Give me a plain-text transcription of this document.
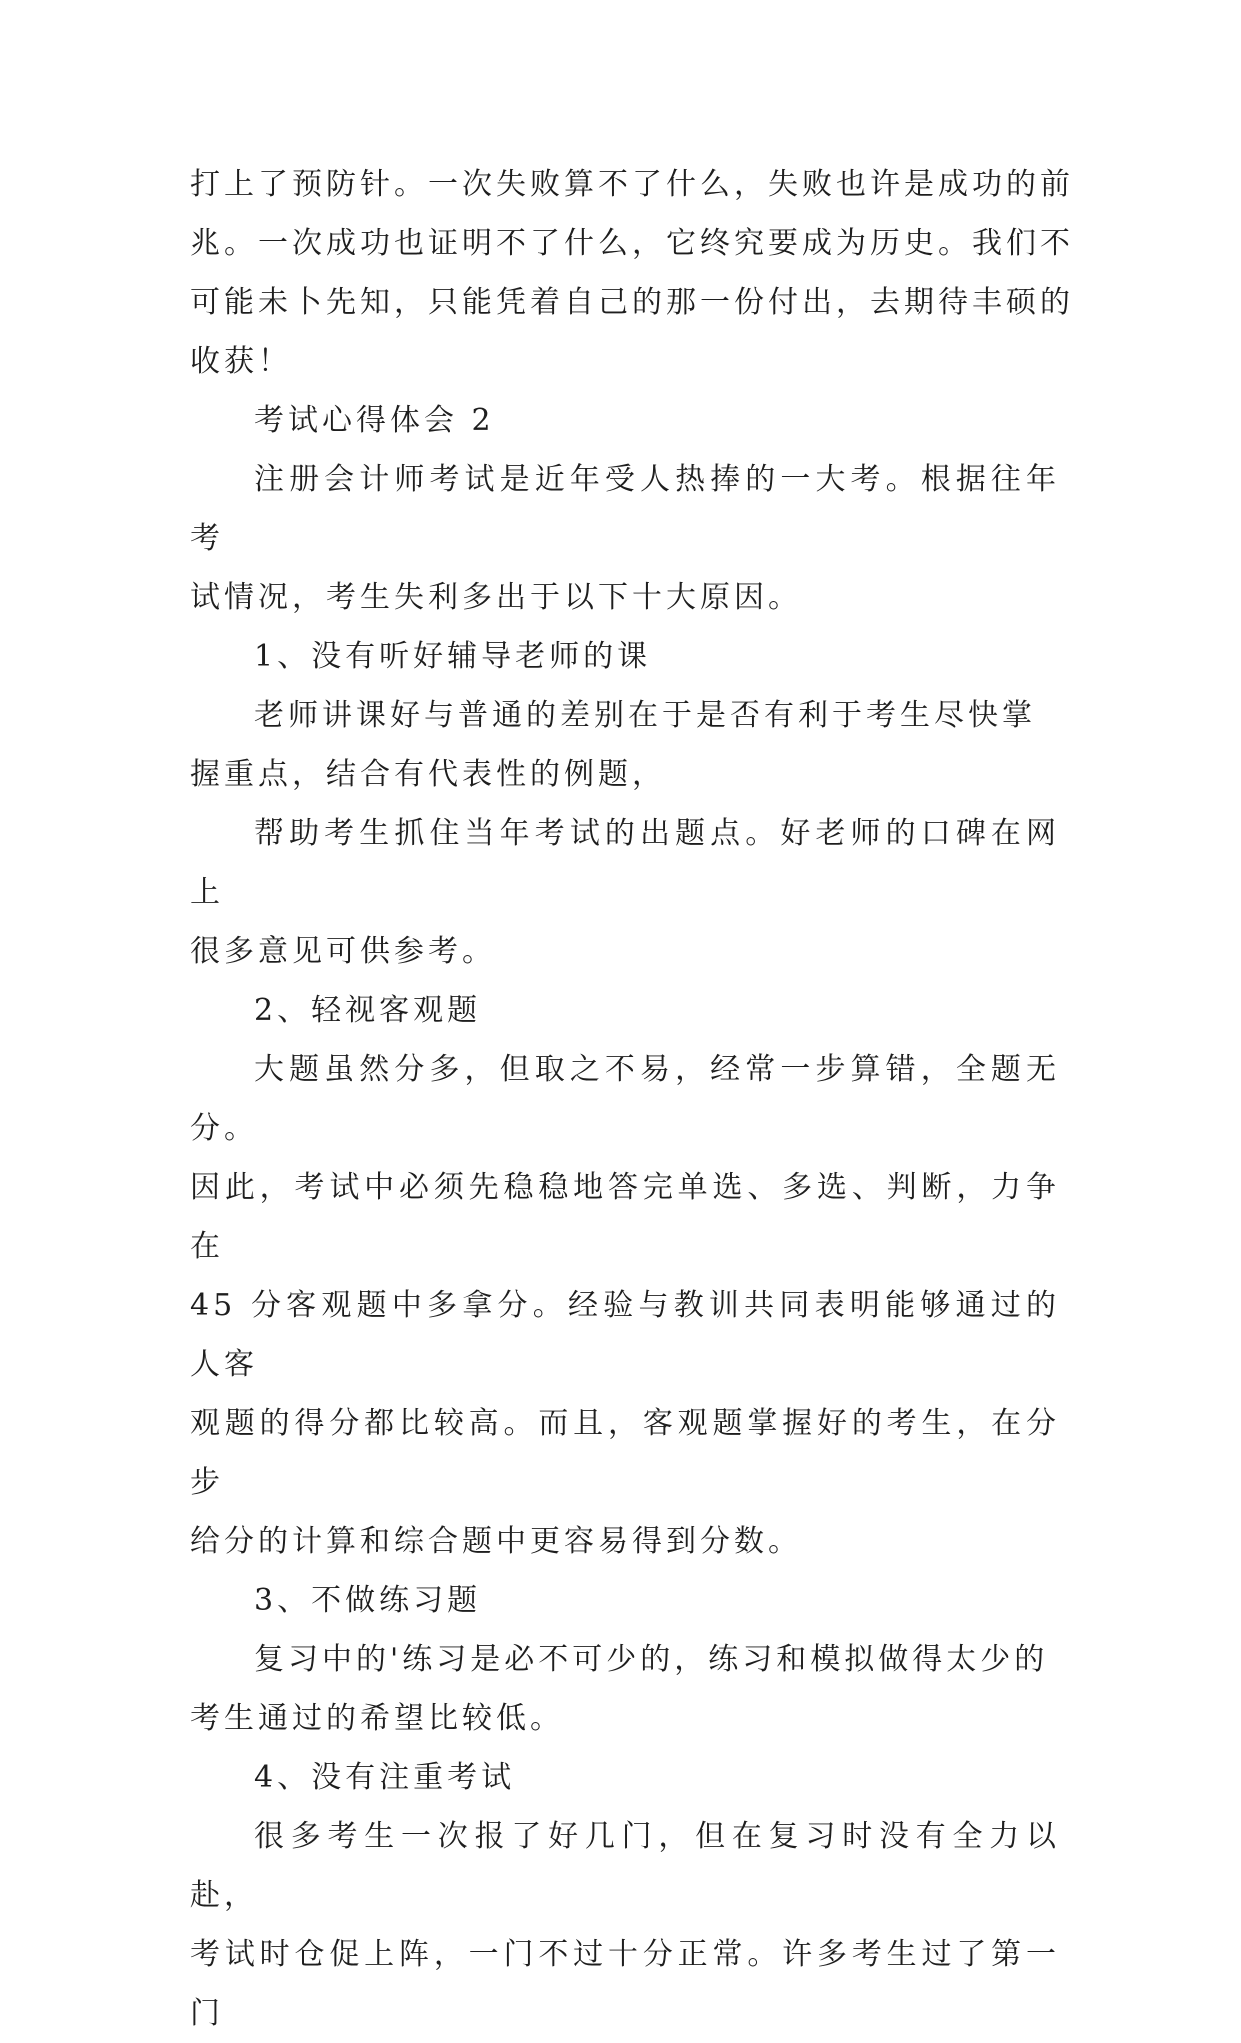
打上了预防针。一次失败算不了什么，失败也许是成功的前
兆。一次成功也证明不了什么，它终究要成为历史。我们不
可能未卜先知，只能凭着自己的那一份付出，去期待丰硕的
收获！

考试心得体会 2

注册会计师考试是近年受人热捧的一大考。根据往年考
试情况，考生失利多出于以下十大原因。

1、没有听好辅导老师的课

老师讲课好与普通的差别在于是否有利于考生尽快掌
握重点，结合有代表性的例题，

帮助考生抓住当年考试的出题点。好老师的口碑在网上
很多意见可供参考。

2、轻视客观题

大题虽然分多，但取之不易，经常一步算错，全题无分。
因此，考试中必须先稳稳地答完单选、多选、判断，力争在
45 分客观题中多拿分。经验与教训共同表明能够通过的人客
观题的得分都比较高。而且，客观题掌握好的考生，在分步
给分的计算和综合题中更容易得到分数。

3、不做练习题

复习中的'练习是必不可少的，练习和模拟做得太少的
考生通过的希望比较低。

4、没有注重考试

很多考生一次报了好几门，但在复习时没有全力以赴，
考试时仓促上阵，一门不过十分正常。许多考生过了第一门
